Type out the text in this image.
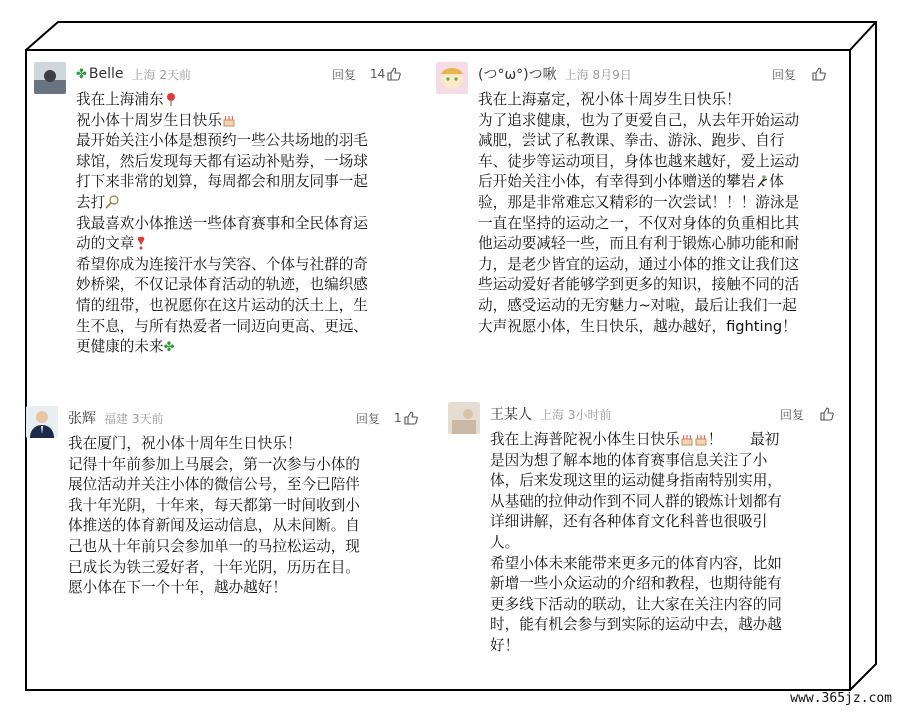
✤ Belle 上海 2天前	回复 14

我在上海浦东

祝小体十周岁生日快乐

最开始关注小体是想预约一些公共场地的羽毛

球馆，然后发现每天都有运动补贴券，一场球

打下来非常的划算，每周都会和朋友同事一起

去打

我最喜欢小体推送一些体育赛事和全民体育运

动的文章

希望你成为连接汗水与笑容、个体与社群的奇

妙桥梁，不仅记录体育活动的轨迹，也编织感

情的纽带，也祝愿你在这片运动的沃土上，生

生不息，与所有热爱者一同迈向更高、更远、

更健康的未来✤

(つ°ω°)つ啾 上海 8月9日	回复

我在上海嘉定，祝小体十周岁生日快乐！

为了追求健康，也为了更爱自己，从去年开始运动

减肥，尝试了私教课、拳击、游泳、跑步、自行

车、徒步等运动项目，身体也越来越好，爱上运动

后开始关注小体，有幸得到小体赠送的攀岩 体

验，那是非常难忘又精彩的一次尝试！！！游泳是

一直在坚持的运动之一，不仅对身体的负重相比其

他运动要减轻一些，而且有利于锻炼心肺功能和耐

力，是老少皆宜的运动，通过小体的推文让我们这

些运动爱好者能够学到更多的知识，接触不同的活

动，感受运动的无穷魅力~对啦，最后让我们一起

大声祝愿小体，生日快乐，越办越好，fighting！

张辉 福建 3天前	回复 1

我在厦门，祝小体十周年生日快乐！

记得十年前参加上马展会，第一次参与小体的

展位活动并关注小体的微信公号，至今已陪伴

我十年光阴，十年来，每天都第一时间收到小

体推送的体育新闻及运动信息，从未间断。自

己也从十年前只会参加单一的马拉松运动，现

已成长为铁三爱好者，十年光阴，历历在目。

愿小体在下一个十年，越办越好！

王某人 上海 3小时前	回复

我在上海普陀祝小体生日快乐 ！      最初

是因为想了解本地的体育赛事信息关注了小

体，后来发现这里的运动健身指南特别实用，

从基础的拉伸动作到不同人群的锻炼计划都有

详细讲解，还有各种体育文化科普也很吸引

人。

希望小体未来能带来更多元的体育内容，比如

新增一些小众运动的介绍和教程，也期待能有

更多线下活动的联动，让大家在关注内容的同

时，能有机会参与到实际的运动中去，越办越

好！

www.365jz.com
